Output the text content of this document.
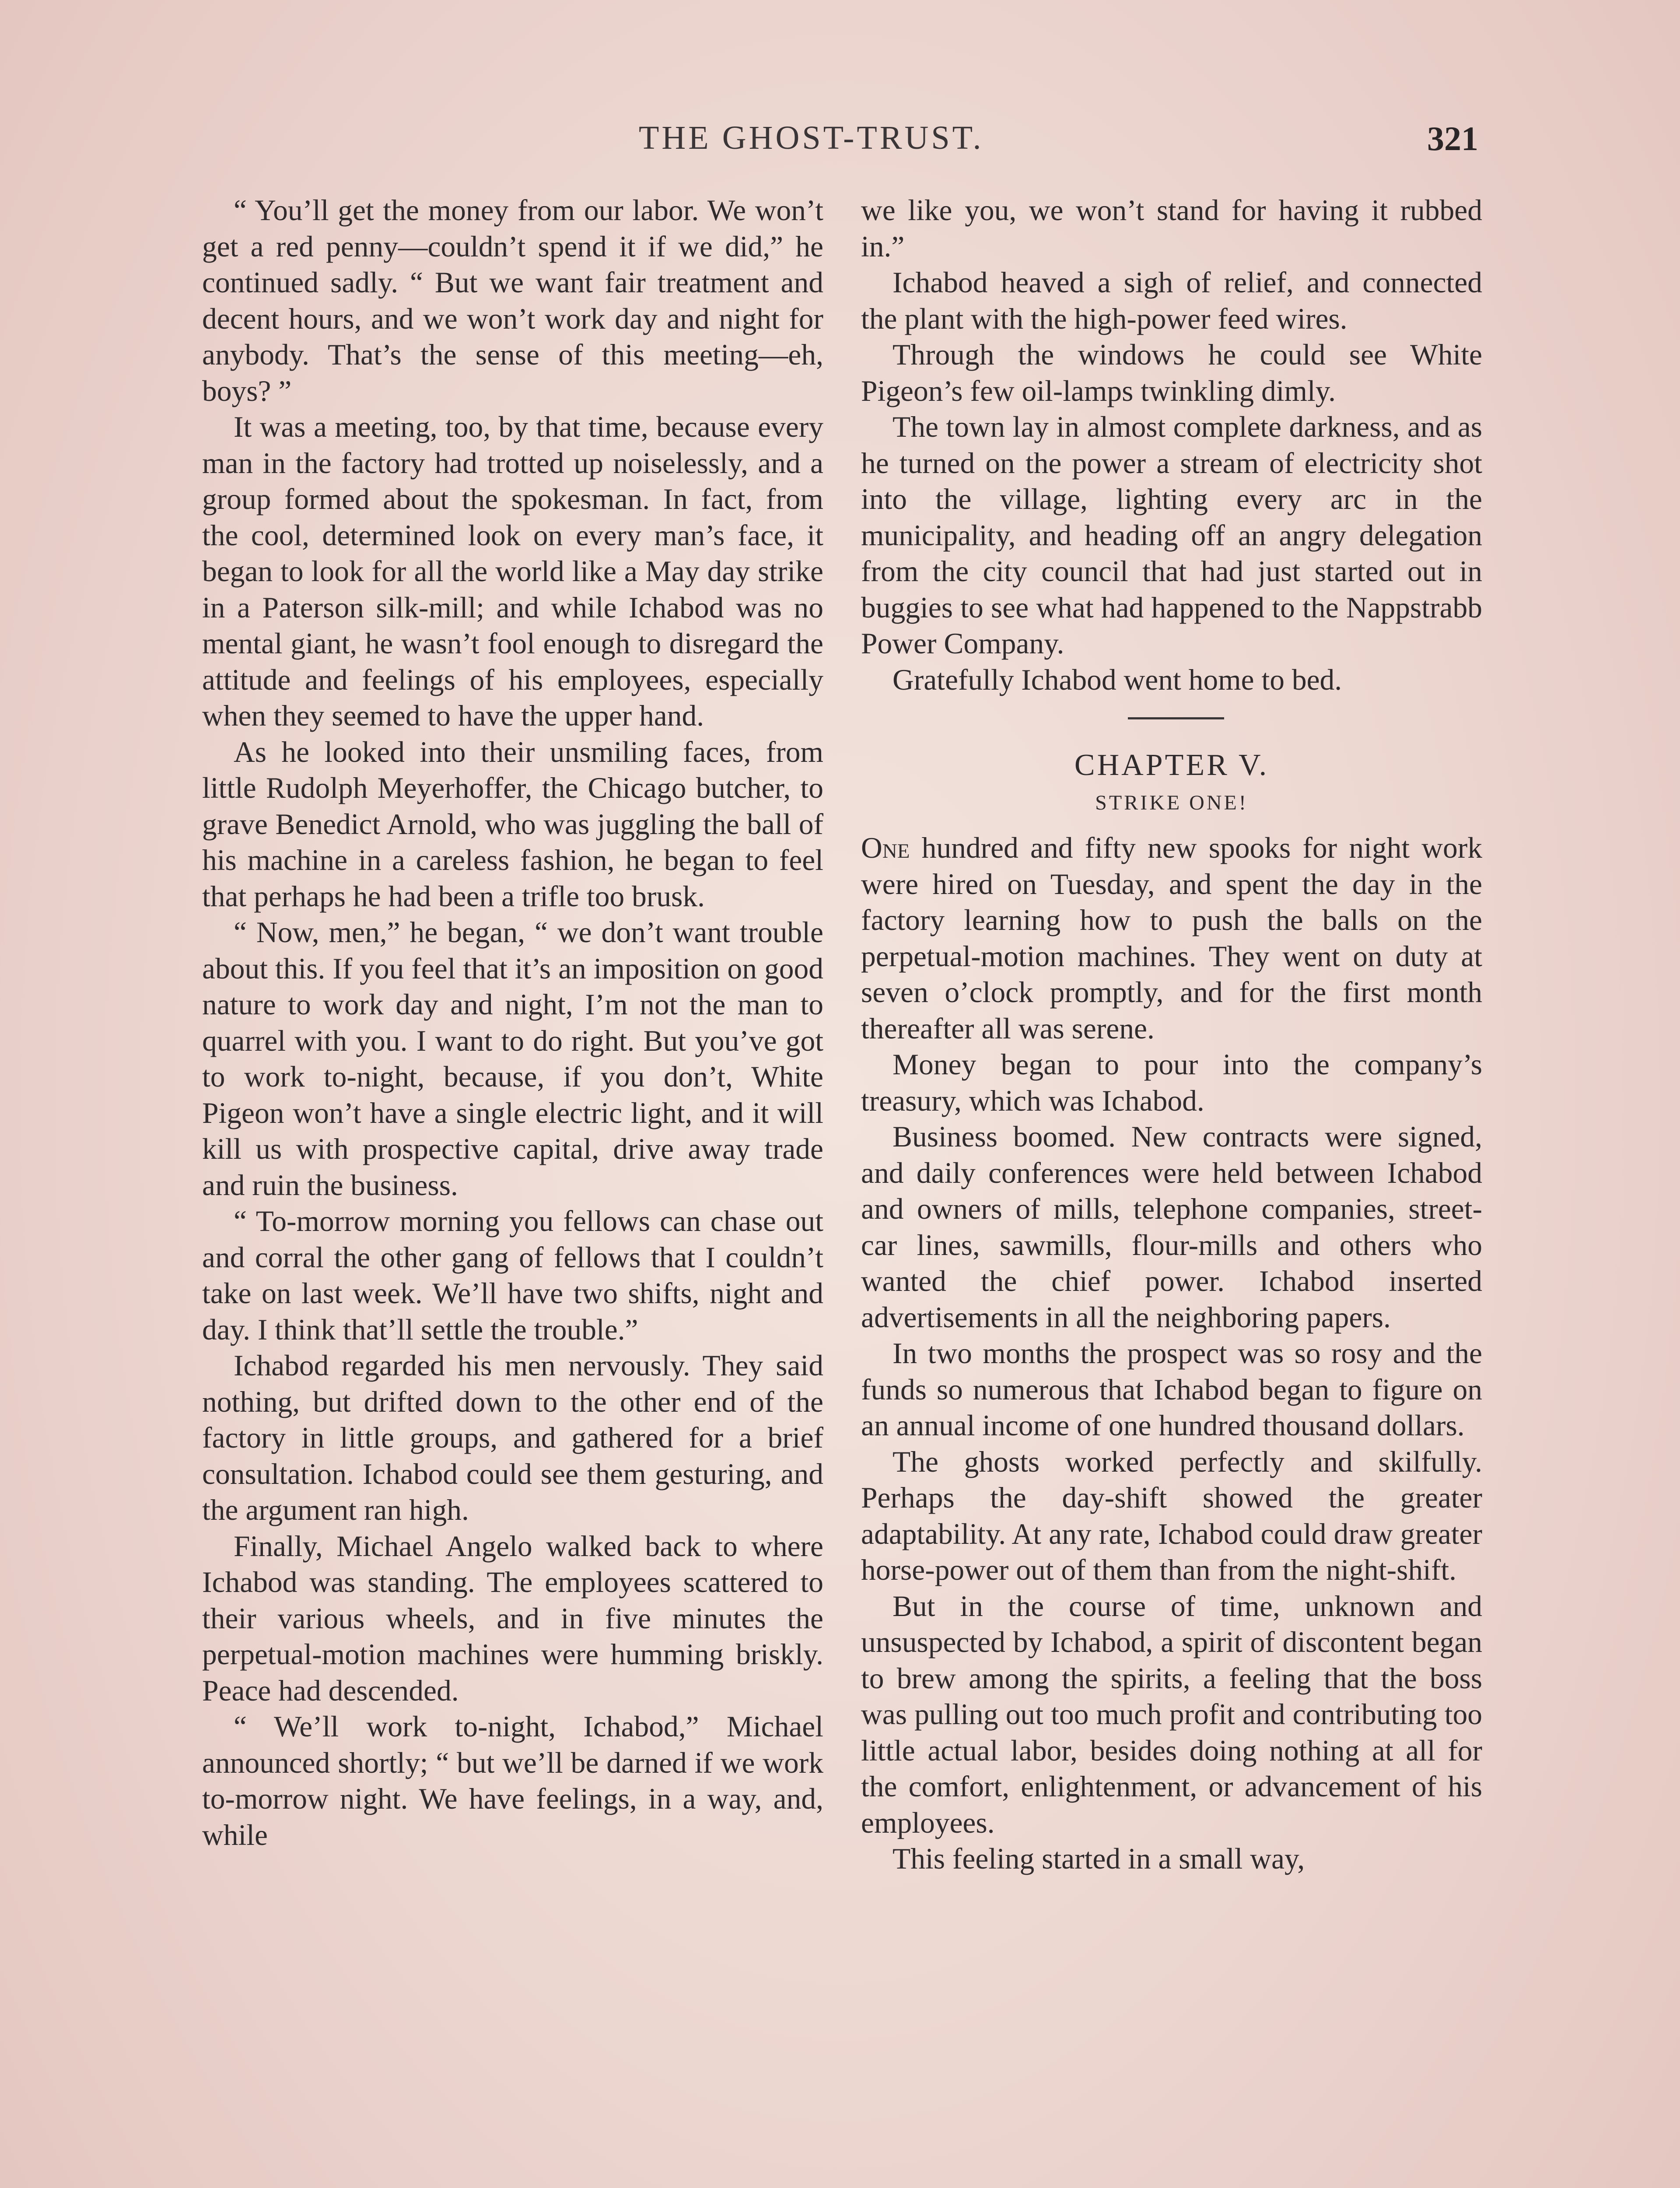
THE GHOST-TRUST.	321

“ You’ll get the money from our labor. We won’t get a red penny—couldn’t spend it if we did,” he continued sadly. “ But we want fair treatment and decent hours, and we won’t work day and night for anybody. That’s the sense of this meeting—eh, boys? ”

It was a meeting, too, by that time, because every man in the factory had trotted up noiselessly, and a group formed about the spokesman. In fact, from the cool, determined look on every man’s face, it began to look for all the world like a May day strike in a Paterson silk-mill; and while Ichabod was no mental giant, he wasn’t fool enough to disregard the attitude and feelings of his employees, especially when they seemed to have the upper hand.

As he looked into their unsmiling faces, from little Rudolph Meyerhoffer, the Chicago butcher, to grave Benedict Arnold, who was juggling the ball of his machine in a careless fashion, he began to feel that perhaps he had been a trifle too brusk.

“ Now, men,” he began, “ we don’t want trouble about this. If you feel that it’s an imposition on good nature to work day and night, I’m not the man to quarrel with you. I want to do right. But you’ve got to work to-night, because, if you don’t, White Pigeon won’t have a single electric light, and it will kill us with prospective capital, drive away trade and ruin the business.

“ To-morrow morning you fellows can chase out and corral the other gang of fellows that I couldn’t take on last week. We’ll have two shifts, night and day. I think that’ll settle the trouble.”

Ichabod regarded his men nervously. They said nothing, but drifted down to the other end of the factory in little groups, and gathered for a brief consultation. Ichabod could see them gesturing, and the argument ran high.

Finally, Michael Angelo walked back to where Ichabod was standing. The employees scattered to their various wheels, and in five minutes the perpetual-motion machines were humming briskly. Peace had descended.

“ We’ll work to-night, Ichabod,” Michael announced shortly; “ but we’ll be darned if we work to-morrow night. We have feelings, in a way, and, while

we like you, we won’t stand for having it rubbed in.”

Ichabod heaved a sigh of relief, and connected the plant with the high-power feed wires.

Through the windows he could see White Pigeon’s few oil-lamps twinkling dimly.

The town lay in almost complete darkness, and as he turned on the power a stream of electricity shot into the village, lighting every arc in the municipality, and heading off an angry delegation from the city council that had just started out in buggies to see what had happened to the Nappstrabb Power Company.

Gratefully Ichabod went home to bed.

CHAPTER V.
STRIKE ONE!

One hundred and fifty new spooks for night work were hired on Tuesday, and spent the day in the factory learning how to push the balls on the perpetual-motion machines. They went on duty at seven o’clock promptly, and for the first month thereafter all was serene.

Money began to pour into the company’s treasury, which was Ichabod.

Business boomed. New contracts were signed, and daily conferences were held between Ichabod and owners of mills, telephone companies, street-car lines, sawmills, flour-mills and others who wanted the chief power. Ichabod inserted advertisements in all the neighboring papers.

In two months the prospect was so rosy and the funds so numerous that Ichabod began to figure on an annual income of one hundred thousand dollars.

The ghosts worked perfectly and skilfully. Perhaps the day-shift showed the greater adaptability. At any rate, Ichabod could draw greater horse-power out of them than from the night-shift.

But in the course of time, unknown and unsuspected by Ichabod, a spirit of discontent began to brew among the spirits, a feeling that the boss was pulling out too much profit and contributing too little actual labor, besides doing nothing at all for the comfort, enlightenment, or advancement of his employees.

This feeling started in a small way,
